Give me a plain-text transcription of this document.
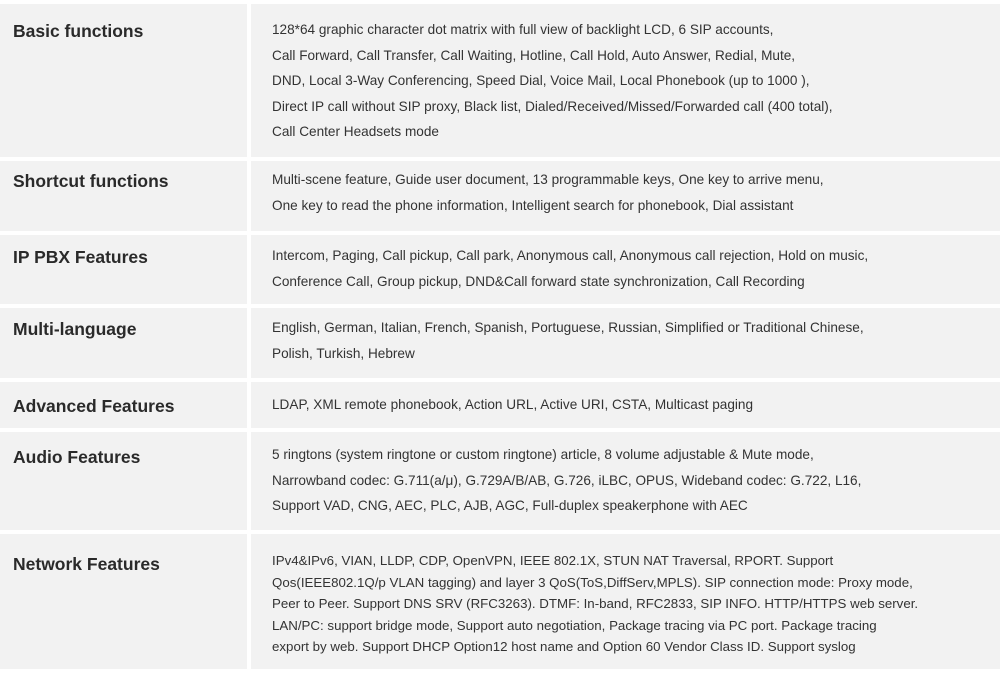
Basic functions	128*64 graphic character dot matrix with full view of backlight LCD, 6 SIP accounts,
Call Forward, Call Transfer, Call Waiting, Hotline, Call Hold, Auto Answer, Redial, Mute,
DND, Local 3-Way Conferencing, Speed Dial, Voice Mail, Local Phonebook (up to 1000 ),
Direct IP call without SIP proxy, Black list, Dialed/Received/Missed/Forwarded call (400 total),
Call Center Headsets mode
Shortcut functions	Multi-scene feature, Guide user document, 13 programmable keys, One key to arrive menu,
One key to read the phone information, Intelligent search for phonebook, Dial assistant
IP PBX Features	Intercom, Paging, Call pickup, Call park, Anonymous call, Anonymous call rejection, Hold on music,
Conference Call, Group pickup, DND&Call forward state synchronization, Call Recording
Multi-language	English, German, Italian, French, Spanish, Portuguese, Russian, Simplified or Traditional Chinese,
Polish, Turkish, Hebrew
Advanced Features	LDAP, XML remote phonebook, Action URL, Active URI, CSTA, Multicast paging
Audio Features	5 ringtons (system ringtone or custom ringtone) article, 8 volume adjustable & Mute mode,
Narrowband codec: G.711(a/μ), G.729A/B/AB, G.726, iLBC, OPUS, Wideband codec: G.722, L16,
Support VAD, CNG, AEC, PLC, AJB, AGC, Full-duplex speakerphone with AEC
Network Features	IPv4&IPv6, VIAN, LLDP, CDP, OpenVPN, IEEE 802.1X, STUN NAT Traversal, RPORT. Support
Qos(IEEE802.1Q/p VLAN tagging) and layer 3 QoS(ToS,DiffServ,MPLS). SIP connection mode: Proxy mode,
Peer to Peer. Support DNS SRV (RFC3263). DTMF: In-band, RFC2833, SIP INFO. HTTP/HTTPS web server.
LAN/PC: support bridge mode, Support auto negotiation, Package tracing via PC port. Package tracing
export by web. Support DHCP Option12 host name and Option 60 Vendor Class ID. Support syslog
